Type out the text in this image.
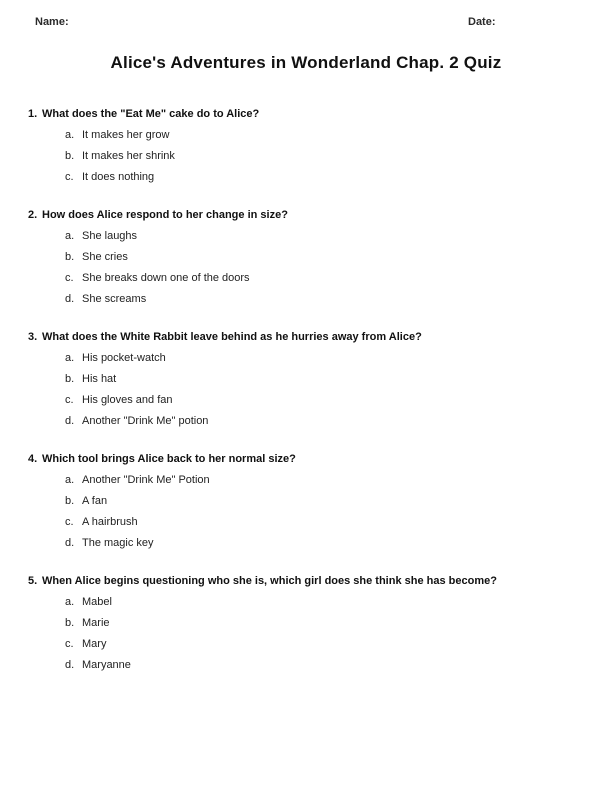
Name:	Date:
Alice's Adventures in Wonderland Chap. 2 Quiz
1. What does the "Eat Me" cake do to Alice?
a. It makes her grow
b. It makes her shrink
c. It does nothing
2. How does Alice respond to her change in size?
a. She laughs
b. She cries
c. She breaks down one of the doors
d. She screams
3. What does the White Rabbit leave behind as he hurries away from Alice?
a. His pocket-watch
b. His hat
c. His gloves and fan
d. Another "Drink Me" potion
4. Which tool brings Alice back to her normal size?
a. Another "Drink Me" Potion
b. A fan
c. A hairbrush
d. The magic key
5. When Alice begins questioning who she is, which girl does she think she has become?
a. Mabel
b. Marie
c. Mary
d. Maryanne
